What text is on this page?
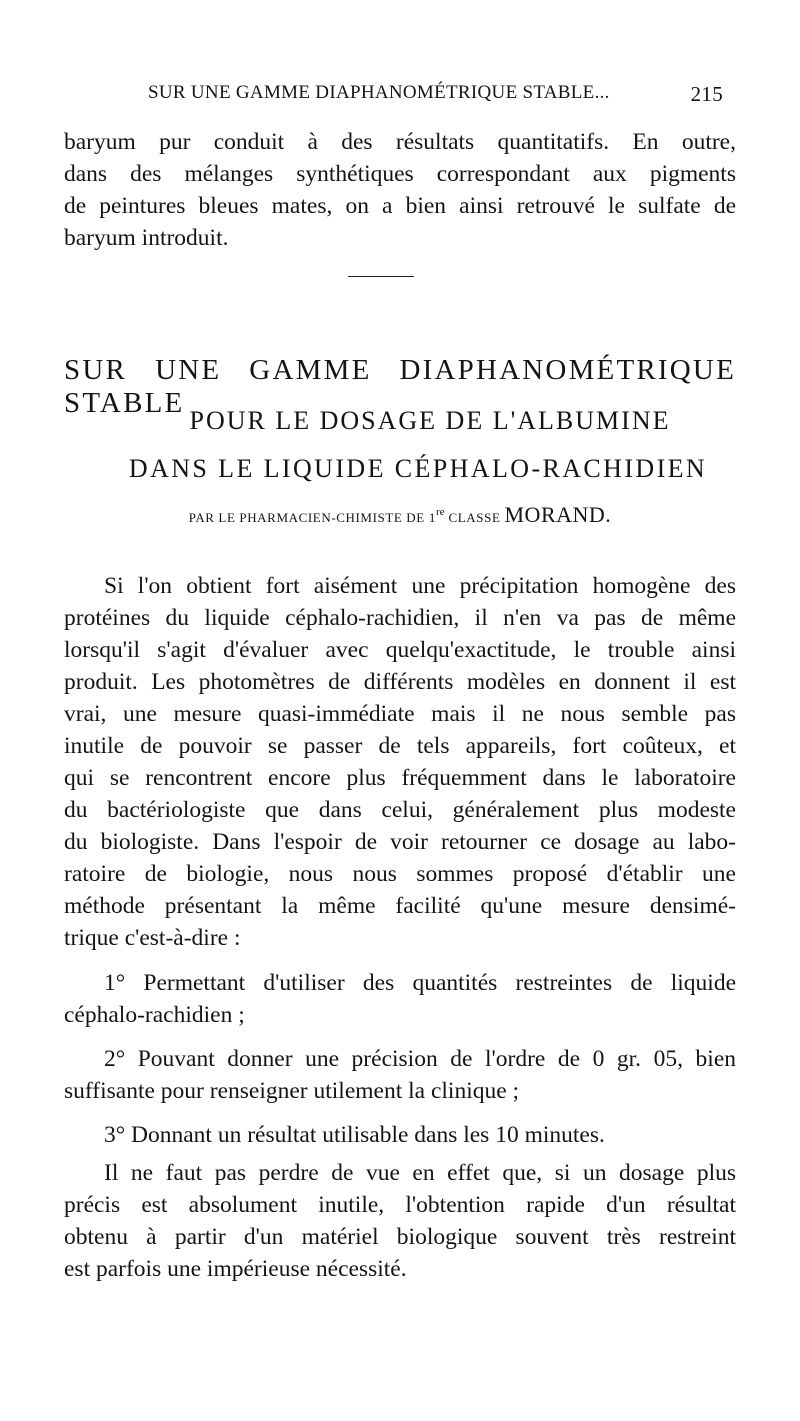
SUR UNE GAMME DIAPHANOMÉTRIQUE STABLE...	215
baryum pur conduit à des résultats quantitatifs. En outre,
dans des mélanges synthétiques correspondant aux pigments
de peintures bleues mates, on a bien ainsi retrouvé le sulfate de
baryum introduit.
SUR UNE GAMME DIAPHANOMÉTRIQUE STABLE
POUR LE DOSAGE DE L'ALBUMINE
DANS LE LIQUIDE CÉPHALO-RACHIDIEN
PAR LE PHARMACIEN-CHIMISTE DE 1re CLASSE MORAND.
Si l'on obtient fort aisément une précipitation homogène des
protéines du liquide céphalo-rachidien, il n'en va pas de même
lorsqu'il s'agit d'évaluer avec quelqu'exactitude, le trouble ainsi
produit. Les photomètres de différents modèles en donnent il est
vrai, une mesure quasi-immédiate mais il ne nous semble pas
inutile de pouvoir se passer de tels appareils, fort coûteux, et
qui se rencontrent encore plus fréquemment dans le laboratoire
du bactériologiste que dans celui, généralement plus modeste
du biologiste. Dans l'espoir de voir retourner ce dosage au labo-
ratoire de biologie, nous nous sommes proposé d'établir une
méthode présentant la même facilité qu'une mesure densimé-
trique c'est-à-dire :
1° Permettant d'utiliser des quantités restreintes de liquide
céphalo-rachidien ;
2° Pouvant donner une précision de l'ordre de 0 gr. 05, bien
suffisante pour renseigner utilement la clinique ;
3° Donnant un résultat utilisable dans les 10 minutes.
Il ne faut pas perdre de vue en effet que, si un dosage plus
précis est absolument inutile, l'obtention rapide d'un résultat
obtenu à partir d'un matériel biologique souvent très restreint
est parfois une impérieuse nécessité.
